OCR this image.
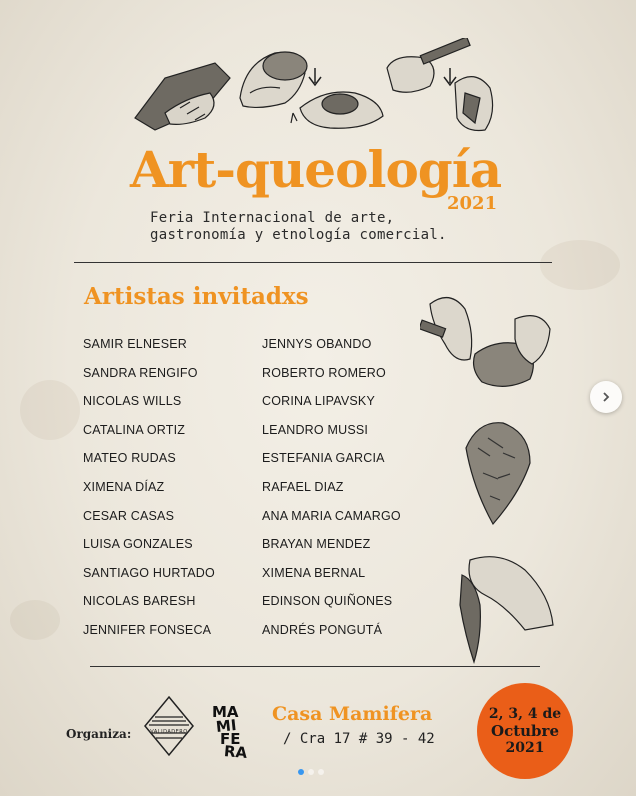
Art-queología
2021
Feria Internacional de arte,
gastronomía y etnología comercial.
Artistas invitadxs
SAMIR ELNESER
SANDRA RENGIFO
NICOLAS WILLS
CATALINA ORTIZ
MATEO RUDAS
XIMENA DÍAZ
CESAR CASAS
LUISA GONZALES
SANTIAGO HURTADO
NICOLAS BARESH
JENNIFER FONSECA
JENNYS OBANDO
ROBERTO ROMERO
CORINA LIPAVSKY
LEANDRO MUSSI
ESTEFANIA GARCIA
RAFAEL DIAZ
ANA MARIA CAMARGO
BRAYAN MENDEZ
XIMENA BERNAL
EDINSON QUIÑONES
ANDRÉS PONGUTÁ
Organiza:	VALIDADERO
MA
MI
FE
RA
Casa Mamifera
/ Cra 17 # 39 - 42
2, 3, 4 de
Octubre
2021
